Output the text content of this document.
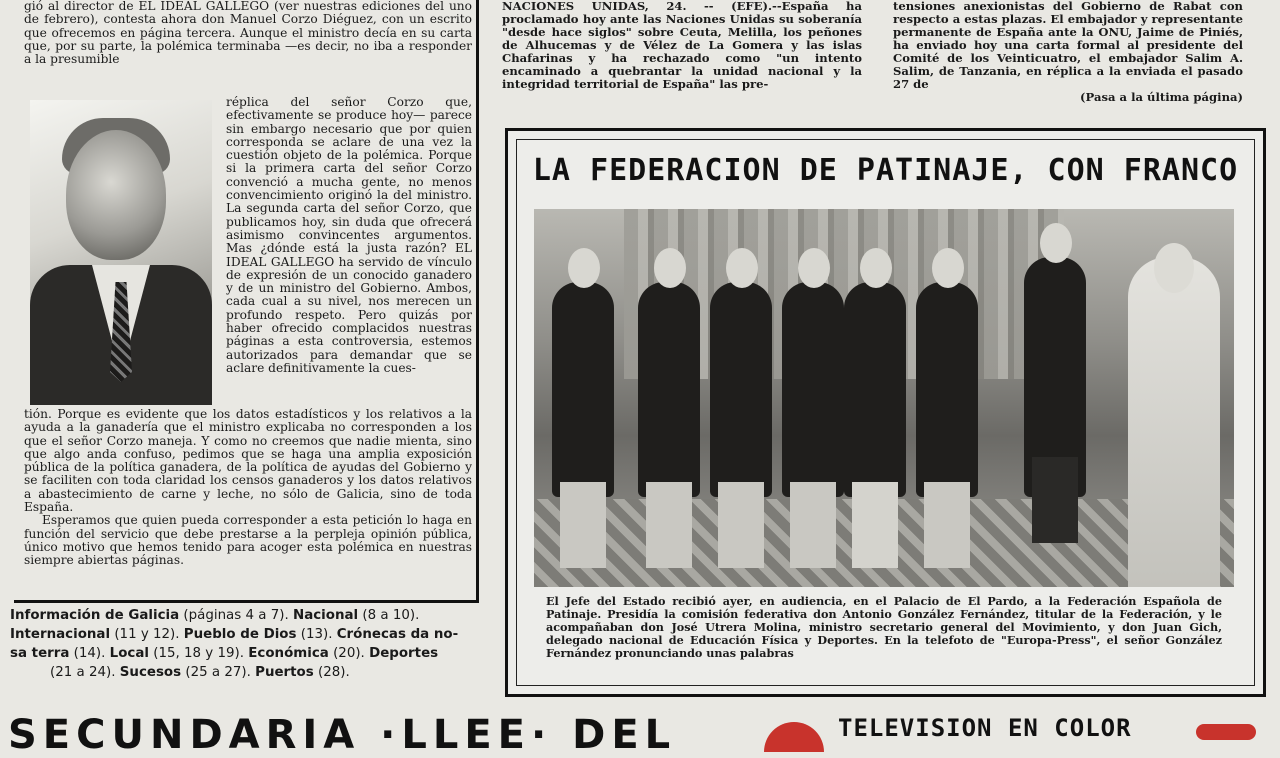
gió al director de EL IDEAL GALLEGO (ver nuestras ediciones del uno de febrero), contesta ahora don Manuel Corzo Diéguez, con un escrito que ofrecemos en página tercera. Aunque el ministro decía en su carta que, por su parte, la polémica terminaba —es decir, no iba a responder a la presumible

réplica del señor Corzo que, efectivamente se produce hoy— parece sin embargo necesario que por quien corresponda se aclare de una vez la cuestión objeto de la polémica. Porque si la primera carta del señor Corzo convenció a mucha gente, no menos convencimiento originó la del ministro. La segunda carta del señor Corzo, que publicamos hoy, sin duda que ofrecerá asimismo convincentes argumentos. Mas ¿dónde está la justa razón? EL IDEAL GALLEGO ha servido de vínculo de expresión de un conocido ganadero y de un ministro del Gobierno. Ambos, cada cual a su nivel, nos merecen un profundo respeto. Pero quizás por haber ofrecido complacidos nuestras páginas a esta controversia, estemos autorizados para demandar que se aclare definitivamente la cues-

tión. Porque es evidente que los datos estadísticos y los relativos a la ayuda a la ganadería que el ministro explicaba no corresponden a los que el señor Corzo maneja. Y como no creemos que nadie mienta, sino que algo anda confuso, pedimos que se haga una amplia exposición pública de la política ganadera, de la política de ayudas del Gobierno y se faciliten con toda claridad los censos ganaderos y los datos relativos a abastecimiento de carne y leche, no sólo de Galicia, sino de toda España.

Esperamos que quien pueda corresponder a esta petición lo haga en función del servicio que debe prestarse a la perpleja opinión pública, único motivo que hemos tenido para acoger esta polémica en nuestras siempre abiertas páginas.

Información de Galicia (páginas 4 a 7). Nacional (8 a 10).
Internacional (11 y 12). Pueblo de Dios (13). Crónecas da no-
sa terra (14). Local (15, 18 y 19). Económica (20). Deportes
(21 a 24). Sucesos (25 a 27). Puertos (28).

NACIONES UNIDAS, 24. -- (EFE).--España ha proclamado hoy ante las Naciones Unidas su soberanía "desde hace siglos" sobre Ceuta, Melilla, los peñones de Alhucemas y de Vélez de La Gomera y las islas Chafarinas y ha rechazado como "un intento encaminado a quebrantar la unidad nacional y la integridad territorial de España" las pre-

tensiones anexionistas del Gobierno de Rabat con respecto a estas plazas. El embajador y representante permanente de España ante la ONU, Jaime de Piniés, ha enviado hoy una carta formal al presidente del Comité de los Veinticuatro, el embajador Salim A. Salim, de Tanzania, en réplica a la enviada el pasado 27 de

(Pasa a la última página)

LA FEDERACION DE PATINAJE, CON FRANCO
El Jefe del Estado recibió ayer, en audiencia, en el Palacio de El Pardo, a la Federación Española de Patinaje. Presidía la comisión federativa don Antonio González Fernández, titular de la Federación, y le acompañaban don José Utrera Molina, ministro secretario general del Movimiento, y don Juan Gich, delegado nacional de Educación Física y Deportes. En la telefoto de "Europa-Press", el señor González Fernández pronunciando unas palabras
SECUNDARIA ·LLEE· DEL	TELEVISION EN COLOR
